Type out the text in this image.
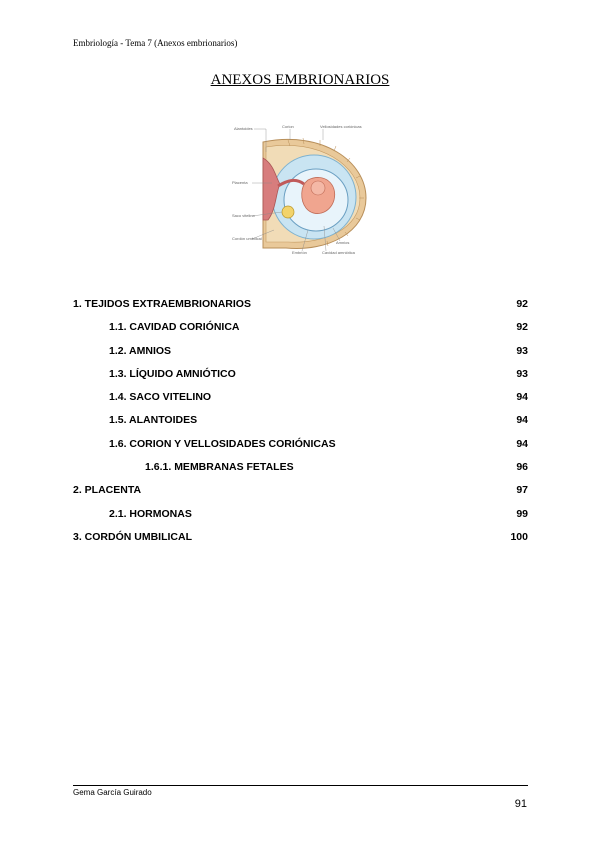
Embriología - Tema 7 (Anexos embrionarios)
ANEXOS EMBRIONARIOS
Alantoides	Corion	Vellosidades coriónicas
Placenta
Saco vitelino
Cordón umbilical
Amnios
Embrión	Cavidad amniótica
1. TEJIDOS EXTRAEMBRIONARIOS	92
1.1. CAVIDAD CORIÓNICA	92
1.2. AMNIOS	93
1.3. LÍQUIDO AMNIÓTICO	93
1.4. SACO VITELINO	94
1.5. ALANTOIDES	94
1.6. CORION Y VELLOSIDADES CORIÓNICAS	94
1.6.1. MEMBRANAS FETALES	96
2. PLACENTA	97
2.1. HORMONAS	99
3. CORDÓN UMBILICAL	100
Gema García Guirado
91
